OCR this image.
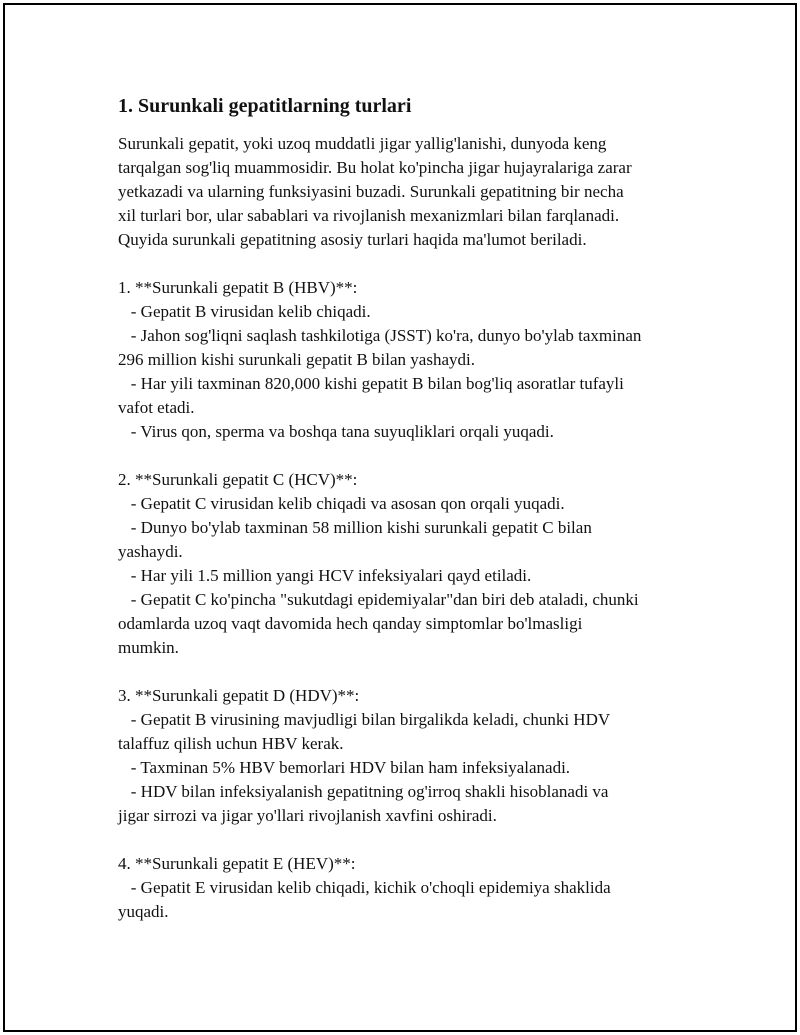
1. Surunkali gepatitlarning turlari

Surunkali gepatit, yoki uzoq muddatli jigar yallig'lanishi, dunyoda keng
tarqalgan sog'liq muammosidir. Bu holat ko'pincha jigar hujayralariga zarar
yetkazadi va ularning funksiyasini buzadi. Surunkali gepatitning bir necha
xil turlari bor, ular sabablari va rivojlanish mexanizmlari bilan farqlanadi.
Quyida surunkali gepatitning asosiy turlari haqida ma'lumot beriladi.

1. **Surunkali gepatit B (HBV)**:

- Gepatit B virusidan kelib chiqadi.
- Jahon sog'liqni saqlash tashkilotiga (JSST) ko'ra, dunyo bo'ylab taxminan
296 million kishi surunkali gepatit B bilan yashaydi.
- Har yili taxminan 820,000 kishi gepatit B bilan bog'liq asoratlar tufayli
vafot etadi.
- Virus qon, sperma va boshqa tana suyuqliklari orqali yuqadi.

2. **Surunkali gepatit C (HCV)**:

- Gepatit C virusidan kelib chiqadi va asosan qon orqali yuqadi.
- Dunyo bo'ylab taxminan 58 million kishi surunkali gepatit C bilan
yashaydi.
- Har yili 1.5 million yangi HCV infeksiyalari qayd etiladi.
- Gepatit C ko'pincha "sukutdagi epidemiyalar"dan biri deb ataladi, chunki
odamlarda uzoq vaqt davomida hech qanday simptomlar bo'lmasligi
mumkin.

3. **Surunkali gepatit D (HDV)**:

- Gepatit B virusining mavjudligi bilan birgalikda keladi, chunki HDV
talaffuz qilish uchun HBV kerak.
- Taxminan 5% HBV bemorlari HDV bilan ham infeksiyalanadi.
- HDV bilan infeksiyalanish gepatitning og'irroq shakli hisoblanadi va
jigar sirrozi va jigar yo'llari rivojlanish xavfini oshiradi.

4. **Surunkali gepatit E (HEV)**:

- Gepatit E virusidan kelib chiqadi, kichik o'choqli epidemiya shaklida
yuqadi.
